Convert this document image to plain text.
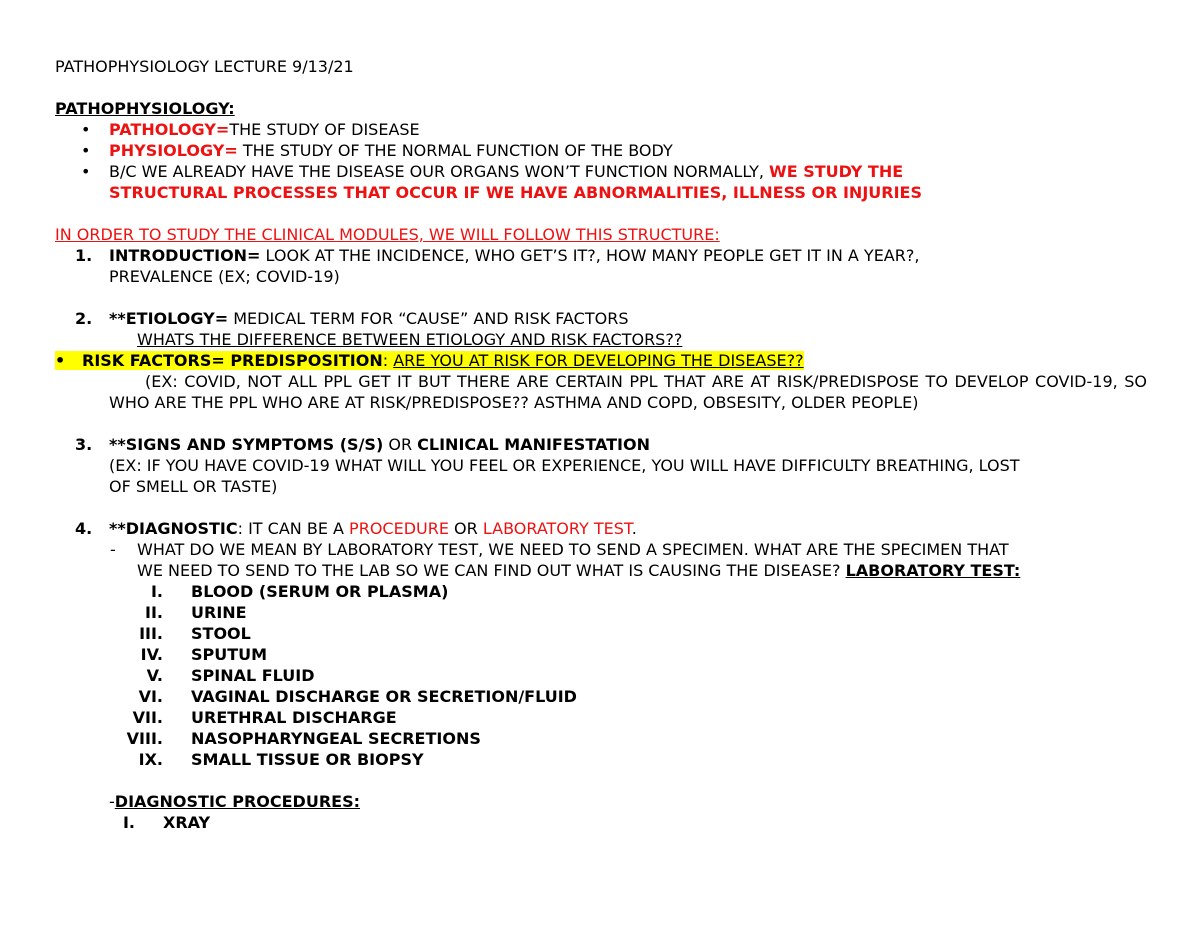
PATHOPHYSIOLOGY LECTURE 9/13/21
PATHOPHYSIOLOGY:
• PATHOLOGY=THE STUDY OF DISEASE
• PHYSIOLOGY= THE STUDY OF THE NORMAL FUNCTION OF THE BODY
• B/C WE ALREADY HAVE THE DISEASE OUR ORGANS WON’T FUNCTION NORMALLY, WE STUDY THE
STRUCTURAL PROCESSES THAT OCCUR IF WE HAVE ABNORMALITIES, ILLNESS OR INJURIES
IN ORDER TO STUDY THE CLINICAL MODULES, WE WILL FOLLOW THIS STRUCTURE:
1. INTRODUCTION= LOOK AT THE INCIDENCE, WHO GET’S IT?, HOW MANY PEOPLE GET IT IN A YEAR?,
PREVALENCE (EX; COVID-19)
2. **ETIOLOGY= MEDICAL TERM FOR “CAUSE” AND RISK FACTORS
WHATS THE DIFFERENCE BETWEEN ETIOLOGY AND RISK FACTORS??
• RISK FACTORS= PREDISPOSITION: ARE YOU AT RISK FOR DEVELOPING THE DISEASE??
(EX: COVID, NOT ALL PPL GET IT BUT THERE ARE CERTAIN PPL THAT ARE AT RISK/PREDISPOSE TO DEVELOP COVID-19, SO WHO ARE THE PPL WHO ARE AT RISK/PREDISPOSE?? ASTHMA AND COPD, OBSESITY, OLDER PEOPLE)
3. **SIGNS AND SYMPTOMS (S/S) OR CLINICAL MANIFESTATION
(EX: IF YOU HAVE COVID-19 WHAT WILL YOU FEEL OR EXPERIENCE, YOU WILL HAVE DIFFICULTY BREATHING, LOST
OF SMELL OR TASTE)
4. **DIAGNOSTIC: IT CAN BE A PROCEDURE OR LABORATORY TEST.
- WHAT DO WE MEAN BY LABORATORY TEST, WE NEED TO SEND A SPECIMEN. WHAT ARE THE SPECIMEN THAT
WE NEED TO SEND TO THE LAB SO WE CAN FIND OUT WHAT IS CAUSING THE DISEASE? LABORATORY TEST:
I. BLOOD (SERUM OR PLASMA)
II. URINE
III. STOOL
IV. SPUTUM
V. SPINAL FLUID
VI. VAGINAL DISCHARGE OR SECRETION/FLUID
VII. URETHRAL DISCHARGE
VIII. NASOPHARYNGEAL SECRETIONS
IX. SMALL TISSUE OR BIOPSY
-DIAGNOSTIC PROCEDURES:
I. XRAY
